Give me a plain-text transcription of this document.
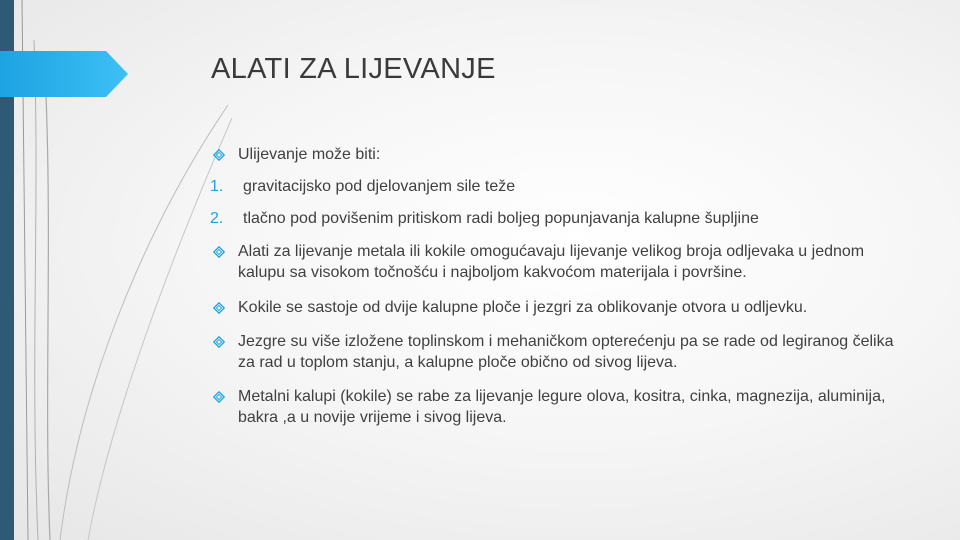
ALATI ZA LIJEVANJE
Ulijevanje može biti:
1.	gravitacijsko pod djelovanjem sile teže
2.	tlačno pod povišenim pritiskom radi boljeg popunjavanja kalupne šupljine
Alati za lijevanje metala ili kokile omogućavaju lijevanje velikog broja odljevaka u jednom kalupu sa visokom točnošću i najboljom kakvoćom materijala i površine.
Kokile se sastoje od dvije kalupne ploče i jezgri za oblikovanje otvora u odljevku.
Jezgre su više izložene toplinskom i mehaničkom opterećenju pa se rade od legiranog čelika za rad u toplom stanju, a kalupne ploče obično od sivog lijeva.
Metalni kalupi (kokile) se rabe za lijevanje legure olova, kositra, cinka, magnezija, aluminija, bakra ,a u novije vrijeme i sivog lijeva.
